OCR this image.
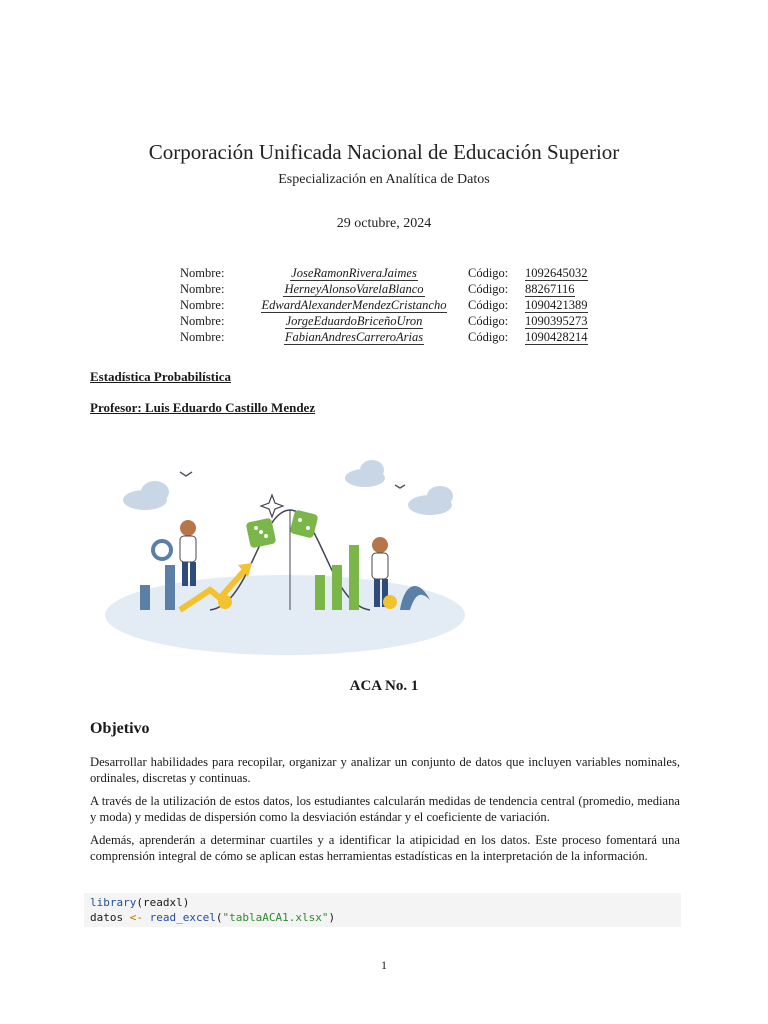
Corporación Unificada Nacional de Educación Superior
Especialización en Analítica de Datos
29 octubre, 2024
Nombre:	JoseRamonRiveraJaimes	Código:	1092645032
Nombre:	HerneyAlonsoVarelaBlanco	Código:	88267116
Nombre:	EdwardAlexanderMendezCristancho	Código:	1090421389
Nombre:	JorgeEduardoBriceñoUron	Código:	1090395273
Nombre:	FabianAndresCarreroArias	Código:	1090428214
Estadística Probabilística
Profesor: Luis Eduardo Castillo Mendez
ACA No. 1
Objetivo

Desarrollar habilidades para recopilar, organizar y analizar un conjunto de datos que incluyen variables nominales, ordinales, discretas y continuas.

A través de la utilización de estos datos, los estudiantes calcularán medidas de tendencia central (promedio, mediana y moda) y medidas de dispersión como la desviación estándar y el coeficiente de variación.

Además, aprenderán a determinar cuartiles y a identificar la atipicidad en los datos. Este proceso fomentará una comprensión integral de cómo se aplican estas herramientas estadísticas en la interpretación de la información.

library(readxl)
datos <- read_excel("tablaACA1.xlsx")
1
